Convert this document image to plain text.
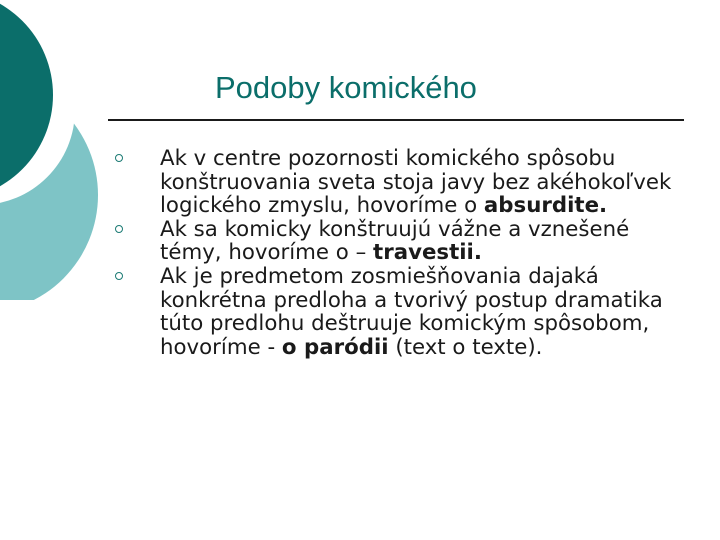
Podoby komického
Ak v centre pozornosti komického spôsobu konštruovania sveta stoja javy bez akéhokoľvek logického zmyslu, hovoríme o absurdite.
Ak sa komicky konštruujú vážne a vznešené témy, hovoríme o – travestii.
Ak je predmetom zosmiešňovania dajaká konkrétna predloha a tvorivý postup dramatika túto predlohu deštruuje komickým spôsobom, hovoríme - o paródii (text o texte).
